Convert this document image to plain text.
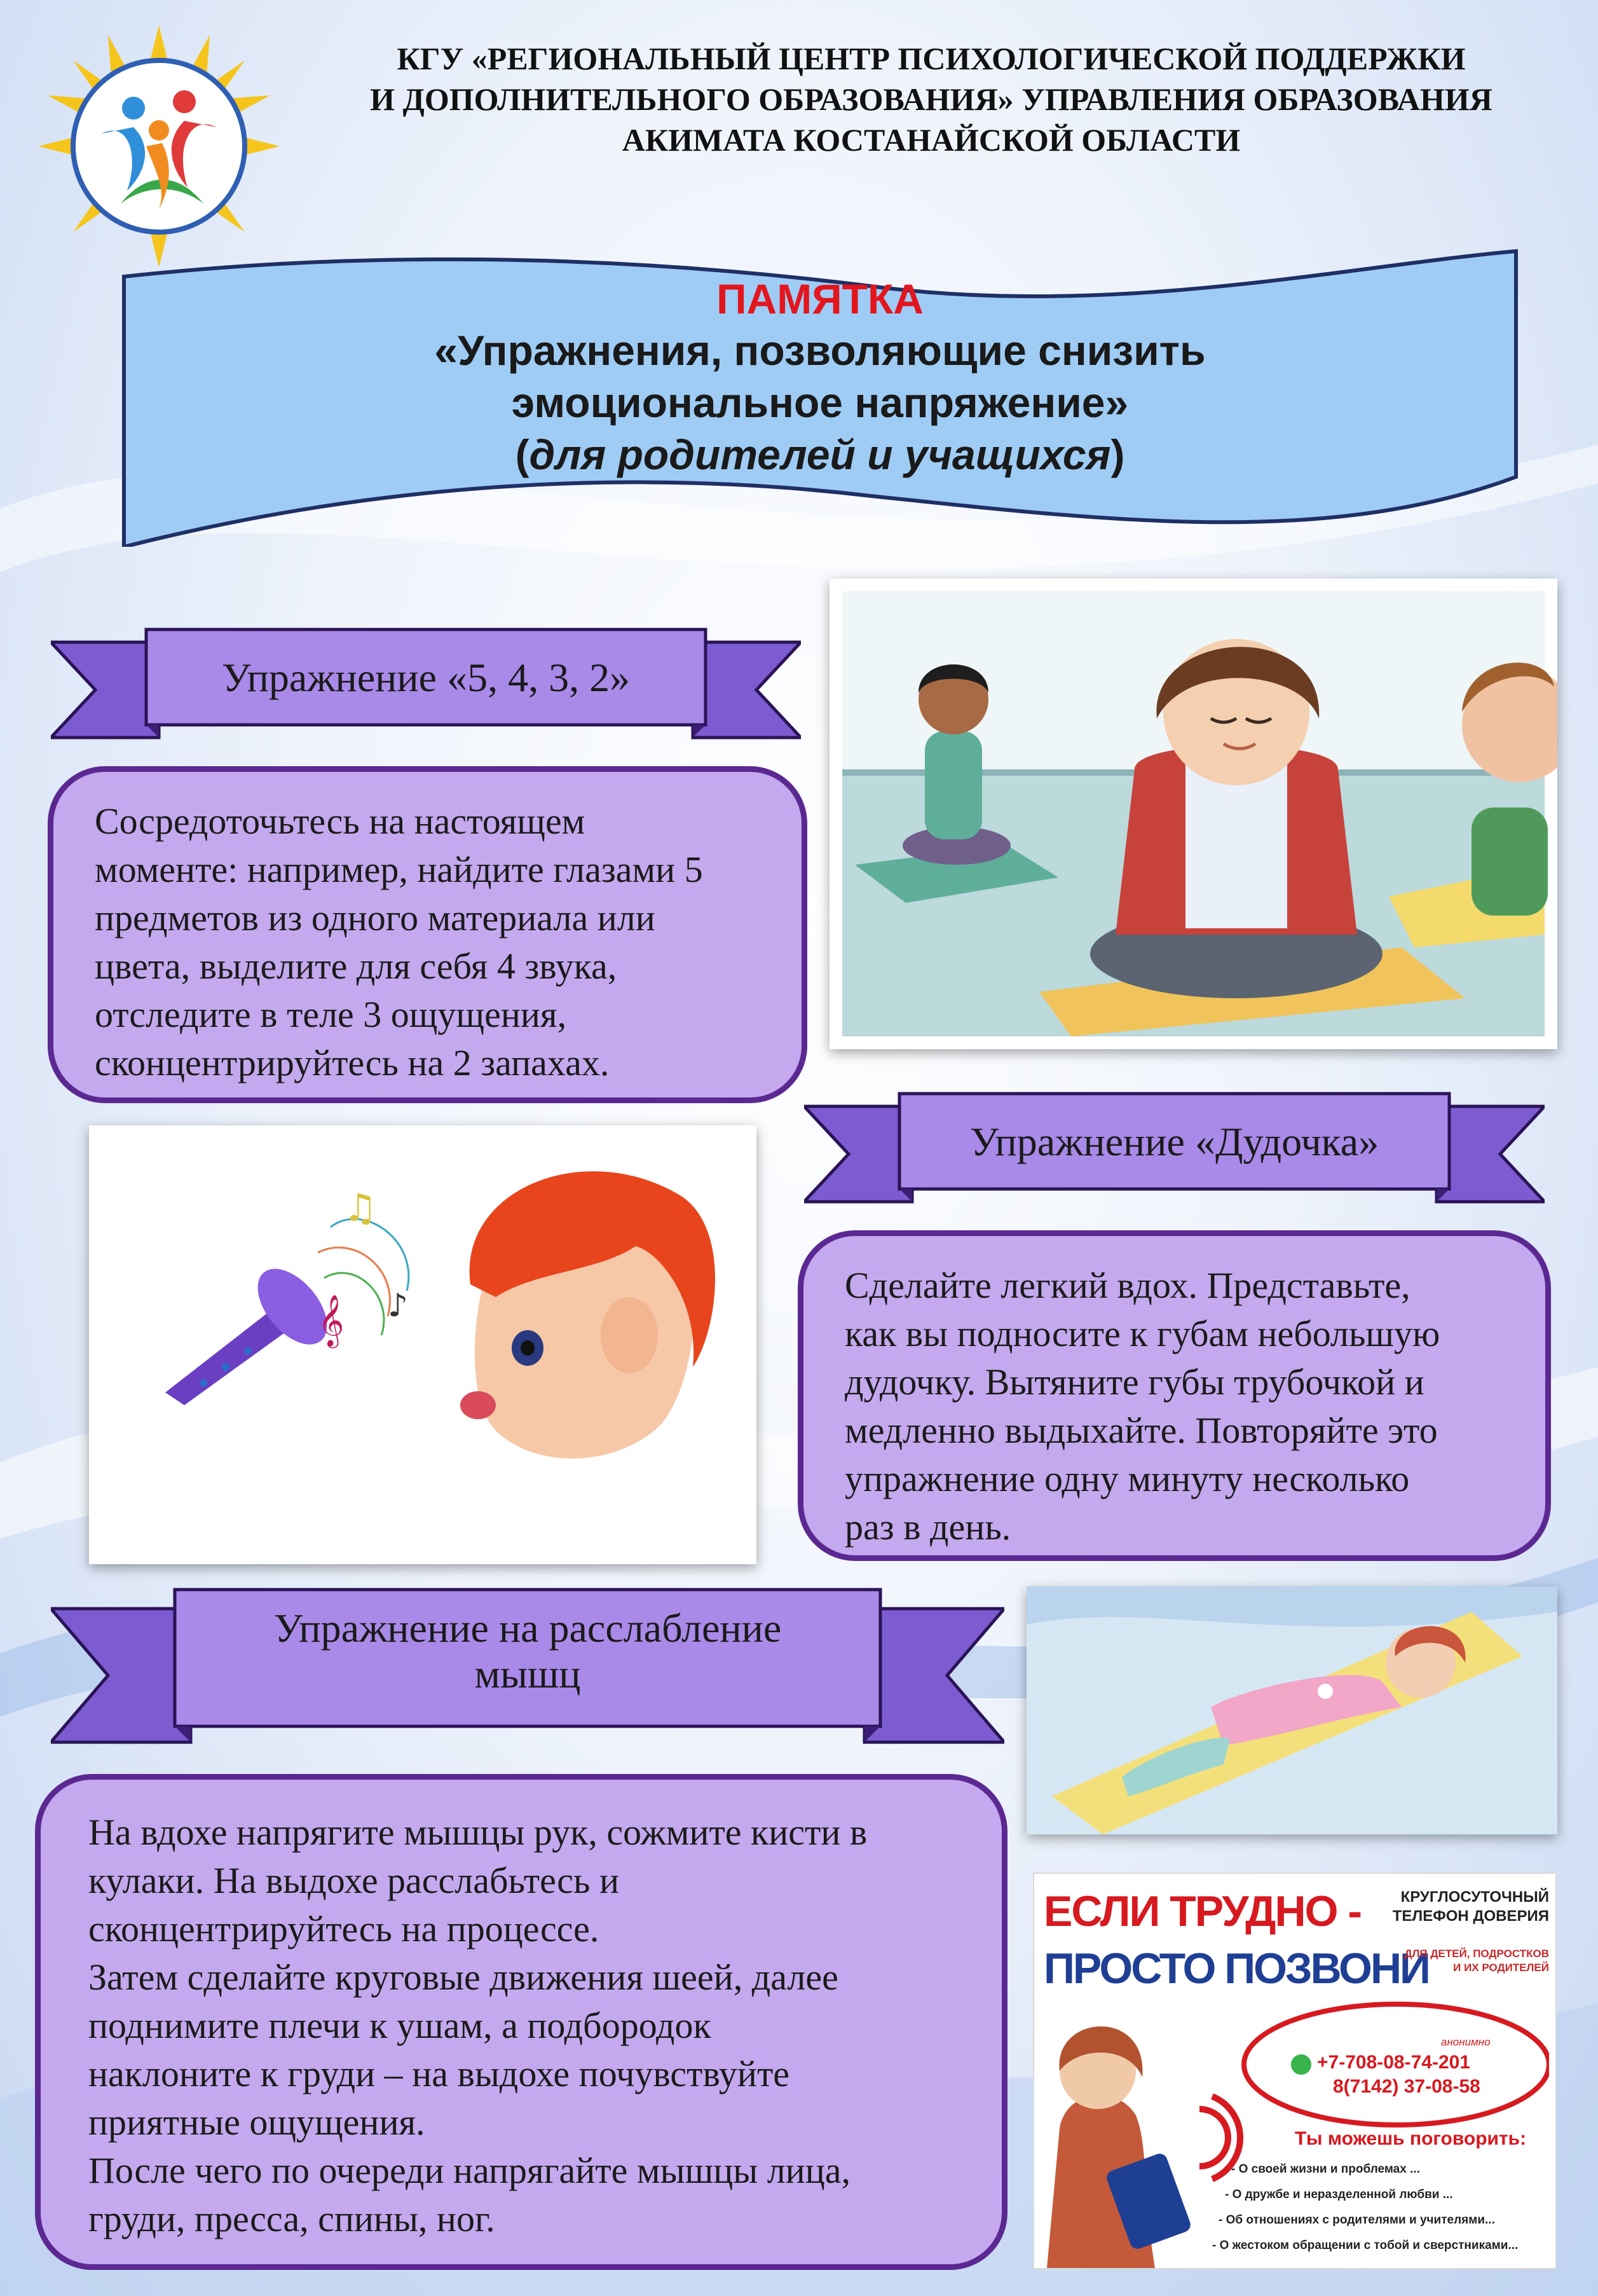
КГУ «РЕГИОНАЛЬНЫЙ ЦЕНТР ПСИХОЛОГИЧЕСКОЙ ПОДДЕРЖКИ
И ДОПОЛНИТЕЛЬНОГО ОБРАЗОВАНИЯ» УПРАВЛЕНИЯ ОБРАЗОВАНИЯ
АКИМАТА КОСТАНАЙСКОЙ ОБЛАСТИ
ПАМЯТКА
«Упражнения, позволяющие снизить
эмоциональное напряжение»
(для родителей и учащихся)
Упражнение «5, 4, 3, 2»
Сосредоточьтесь на настоящем
моменте: например, найдите глазами 5
предметов из одного материала или
цвета, выделите для себя 4 звука,
отследите в теле 3 ощущения,
сконцентрируйтесь на 2 запахах.
Упражнение «Дудочка»
♫
𝄞 ♪	Сделайте легкий вдох. Представьте,
как вы подносите к губам небольшую
дудочку. Вытяните губы трубочкой и
медленно выдыхайте. Повторяйте это
упражнение одну минуту несколько
раз в день.
Упражнение на расслабление
мышц
На вдохе напрягите мышцы рук, сожмите кисти в
кулаки. На выдохе расслабьтесь и
сконцентрируйтесь на процессе.
Затем сделайте круговые движения шеей, далее
поднимите плечи к ушам, а подбородок
наклоните к груди – на выдохе почувствуйте
приятные ощущения.
После чего по очереди напрягайте мышцы лица,
груди, пресса, спины, ног.
ЕСЛИ ТРУДНО -
ПРОСТО ПОЗВОНИ
КРУГЛОСУТОЧНЫЙ
ТЕЛЕФОН ДОВЕРИЯ
ДЛЯ ДЕТЕЙ, ПОДРОСТКОВ
И ИХ РОДИТЕЛЕЙ
анонимно
+7-708-08-74-201
8(7142) 37-08-58
Ты можешь поговорить:
- О своей жизни и проблемах ...
- О дружбе и неразделенной любви ...
- Об отношениях с родителями и учителями...
- О жестоком обращении с тобой и сверстниками...
